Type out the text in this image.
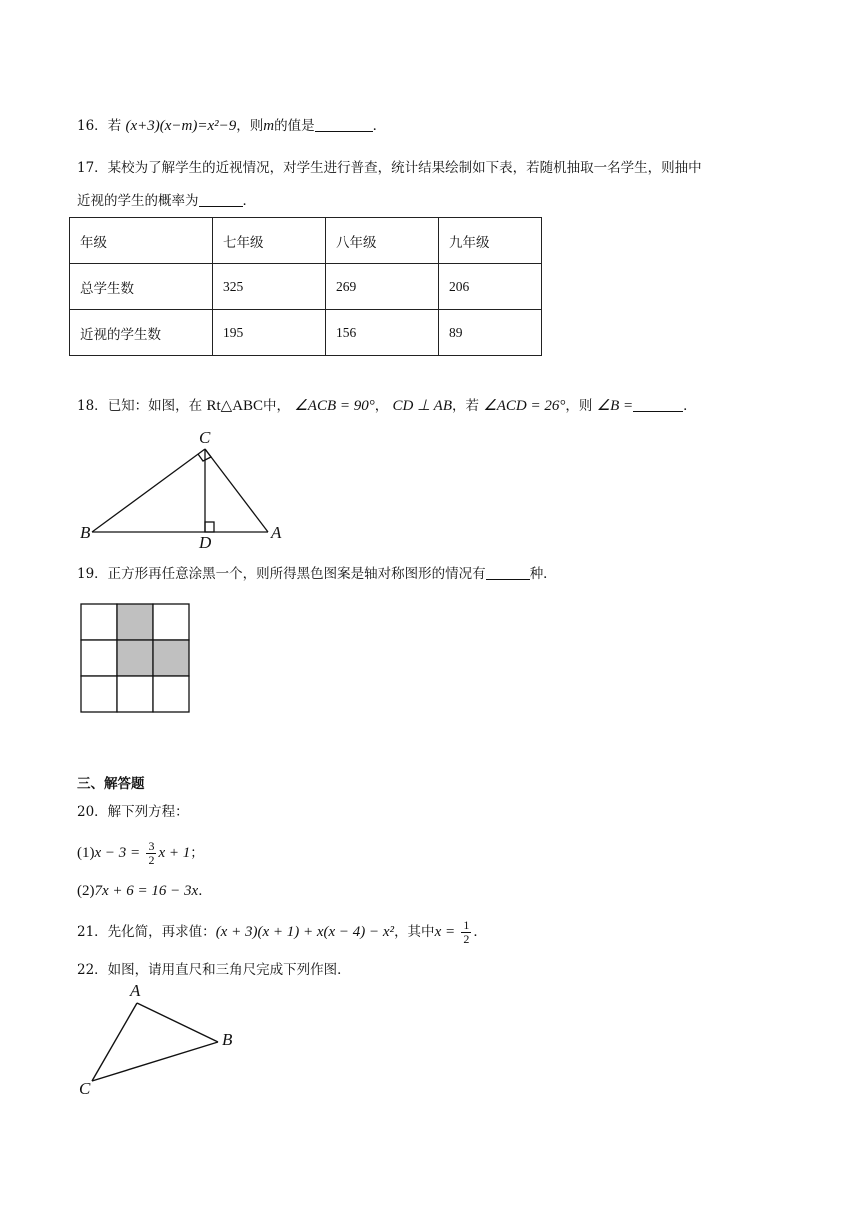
16．若 (x+3)(x−m)=x²−9，则m的值是	．
17．某校为了解学生的近视情况，对学生进行普查，统计结果绘制如下表，若随机抽取一名学生，则抽中
近视的学生的概率为	．
年级	七年级	八年级	九年级
总学生数	325	269	206
近视的学生数	195	156	89
18．已知：如图，在 Rt△ABC中， ∠ACB = 90°， CD ⊥ AB，若 ∠ACD = 26°，则 ∠B =	．
C
B	A
D
19．正方形再任意涂黑一个，则所得黑色图案是轴对称图形的情况有	种．
三、解答题
20．解下列方程：
$(1)x - 3 = \frac{3}{2}$ x + 1；
(2)7x + 6 = 16 − 3x．
21．先化简，再求值：(x + 3)(x + 1) + x(x − 4) − x²，其中$x = \frac{1}{2}$ ．
22．如图，请用直尺和三角尺完成下列作图．
A
B
C
